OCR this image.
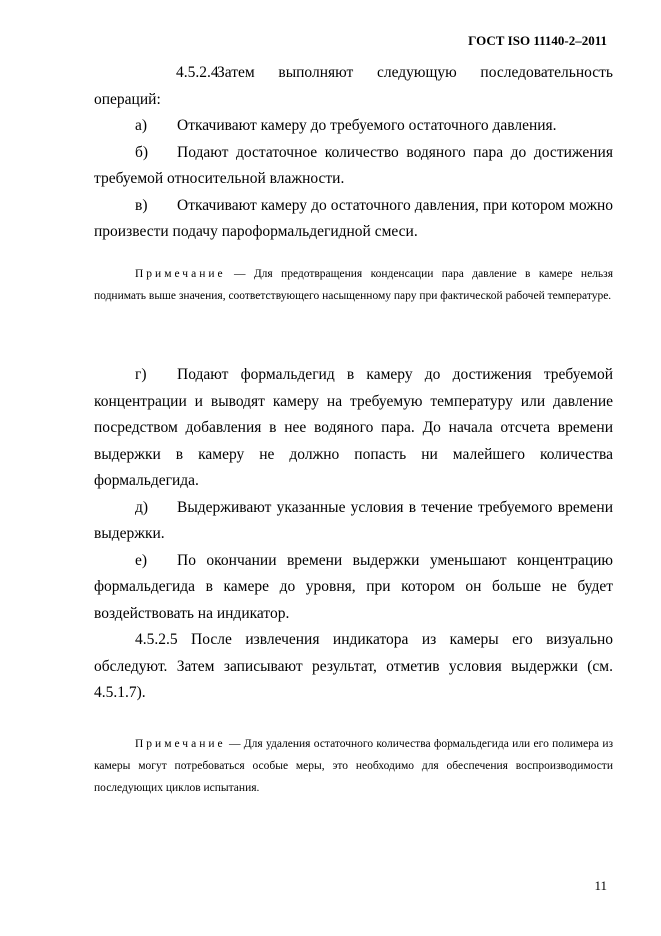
ГОСТ ISO 11140-2–2011

4.5.2.4Затем выполняют следующую последовательность операций:

а) Откачивают камеру до требуемого остаточного давления.

б) Подают достаточное количество водяного пара до достижения требуемой относительной влажности.

в) Откачивают камеру до остаточного давления, при котором можно произвести подачу пароформальдегидной смеси.

Примечание — Для предотвращения конденсации пара давление в камере нельзя поднимать выше значения, соответствующего насыщенному пару при фактической рабочей температуре.

г) Подают формальдегид в камеру до достижения требуемой концентрации и выводят камеру на требуемую температуру или давление посредством добавления в нее водяного пара. До начала отсчета времени выдержки в камеру не должно попасть ни малейшего количества формальдегида.

д) Выдерживают указанные условия в течение требуемого времени выдержки.

е) По окончании времени выдержки уменьшают концентрацию формальдегида в камере до уровня, при котором он больше не будет воздействовать на индикатор.

4.5.2.5 После извлечения индикатора из камеры его визуально обследуют. Затем записывают результат, отметив условия выдержки (см. 4.5.1.7).

Примечание — Для удаления остаточного количества формальдегида или его полимера из камеры могут потребоваться особые меры, это необходимо для обеспечения воспроизводимости последующих циклов испытания.

11
